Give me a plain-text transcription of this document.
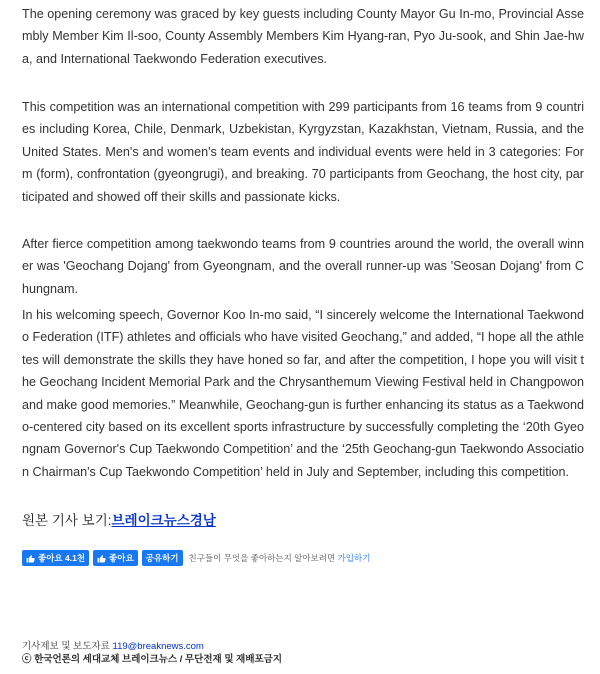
The opening ceremony was graced by key guests including County Mayor Gu In-mo, Provincial Assembly Member Kim Il-soo, County Assembly Members Kim Hyang-ran, Pyo Ju-sook, and Shin Jae-hwa, and International Taekwondo Federation executives.

This competition was an international competition with 299 participants from 16 teams from 9 countries including Korea, Chile, Denmark, Uzbekistan, Kyrgyzstan, Kazakhstan, Vietnam, Russia, and the United States. Men's and women's team events and individual events were held in 3 categories: Form (form), confrontation (gyeongrugi), and breaking. 70 participants from Geochang, the host city, participated and showed off their skills and passionate kicks.

After fierce competition among taekwondo teams from 9 countries around the world, the overall winner was 'Geochang Dojang' from Gyeongnam, and the overall runner-up was 'Seosan Dojang' from Chungnam.

In his welcoming speech, Governor Koo In-mo said, “I sincerely welcome the International Taekwondo Federation (ITF) athletes and officials who have visited Geochang,” and added, “I hope all the athletes will demonstrate the skills they have honed so far, and after the competition, I hope you will visit the Geochang Incident Memorial Park and the Chrysanthemum Viewing Festival held in Changpowon and make good memories.” Meanwhile, Geochang-gun is further enhancing its status as a Taekwondo-centered city based on its excellent sports infrastructure by successfully completing the ‘20th Gyeongnam Governor's Cup Taekwondo Competition’ and the ‘25th Geochang-gun Taekwondo Association Chairman's Cup Taekwondo Competition’ held in July and September, including this competition.

원본 기사 보기:브레이크뉴스경남
좋아요 4.1천	좋아요 공유하기 친구들이 무엇을 좋아하는지 알아보려면 가입하기
기사제보 및 보도자료 119@breaknews.com
ⓒ 한국언론의 세대교체 브레이크뉴스 / 무단전재 및 재배포금지
